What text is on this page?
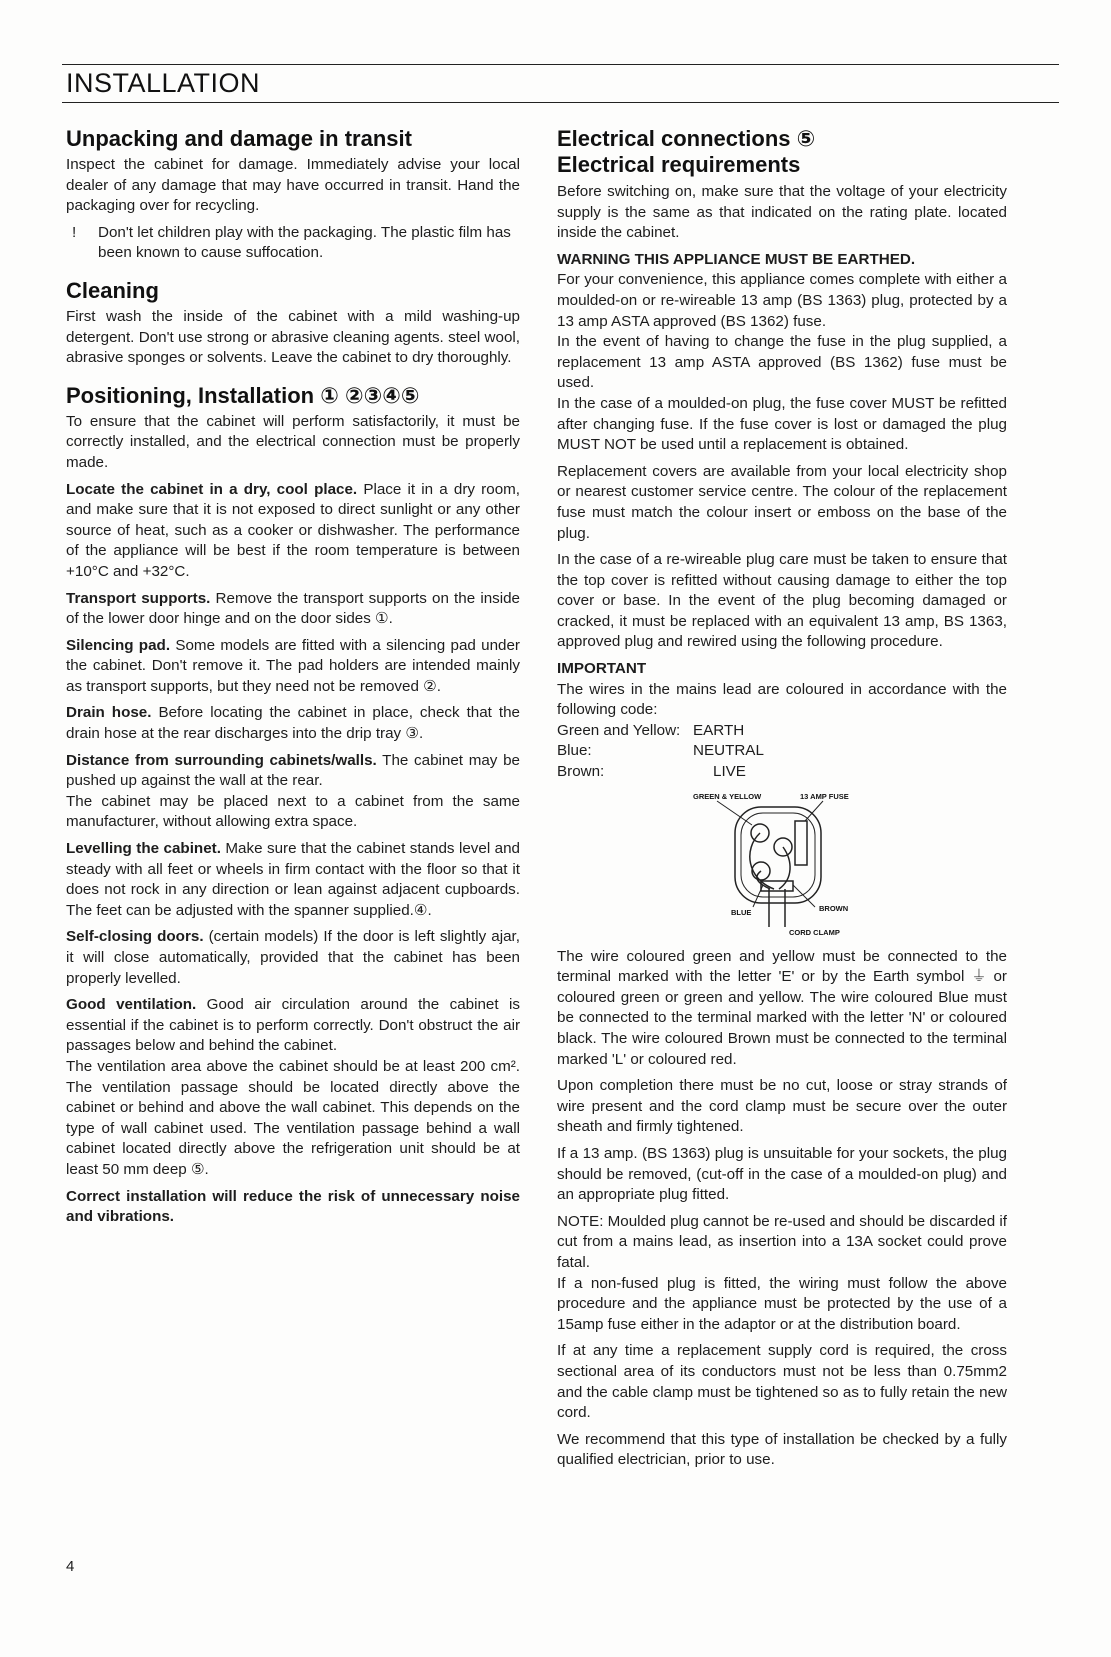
INSTALLATION
Unpacking and damage in transit

Inspect the cabinet for damage. Immediately advise your local dealer of any damage that may have occurred in transit. Hand the packaging over for recycling.

!	Don't let children play with the packaging. The plastic film has been known to cause suffocation.
Cleaning

First wash the inside of the cabinet with a mild washing-up detergent. Don't use strong or abrasive cleaning agents. steel wool, abrasive sponges or solvents. Leave the cabinet to dry thoroughly.

Positioning, Installation ① ②③④⑤

To ensure that the cabinet will perform satisfactorily, it must be correctly installed, and the electrical connection must be properly made.

Locate the cabinet in a dry, cool place. Place it in a dry room, and make sure that it is not exposed to direct sunlight or any other source of heat, such as a cooker or dishwasher. The performance of the appliance will be best if the room temperature is between +10°C and +32°C.

Transport supports. Remove the transport supports on the inside of the lower door hinge and on the door sides ①.

Silencing pad. Some models are fitted with a silencing pad under the cabinet. Don't remove it. The pad holders are intended mainly as transport supports, but they need not be removed ②.

Drain hose. Before locating the cabinet in place, check that the drain hose at the rear discharges into the drip tray ③.

Distance from surrounding cabinets/walls. The cabinet may be pushed up against the wall at the rear.

The cabinet may be placed next to a cabinet from the same manufacturer, without allowing extra space.

Levelling the cabinet. Make sure that the cabinet stands level and steady with all feet or wheels in firm contact with the floor so that it does not rock in any direction or lean against adjacent cupboards. The feet can be adjusted with the spanner supplied.④.

Self-closing doors. (certain models) If the door is left slightly ajar, it will close automatically, provided that the cabinet has been properly levelled.

Good ventilation. Good air circulation around the cabinet is essential if the cabinet is to perform correctly. Don't obstruct the air passages below and behind the cabinet.

The ventilation area above the cabinet should be at least 200 cm². The ventilation passage should be located directly above the cabinet or behind and above the wall cabinet. This depends on the type of wall cabinet used. The ventilation passage behind a wall cabinet located directly above the refrigeration unit should be at least 50 mm deep ⑤.

Correct installation will reduce the risk of unnecessary noise and vibrations.

Electrical connections ⑤
Electrical requirements

Before switching on, make sure that the voltage of your electricity supply is the same as that indicated on the rating plate. located inside the cabinet.

WARNING THIS APPLIANCE MUST BE EARTHED.

For your convenience, this appliance comes complete with either a moulded-on or re-wireable 13 amp (BS 1363) plug, protected by a 13 amp ASTA approved (BS 1362) fuse.

In the event of having to change the fuse in the plug supplied, a replacement 13 amp ASTA approved (BS 1362) fuse must be used.

In the case of a moulded-on plug, the fuse cover MUST be refitted after changing fuse. If the fuse cover is lost or damaged the plug MUST NOT be used until a replacement is obtained.

Replacement covers are available from your local electricity shop or nearest customer service centre. The colour of the replacement fuse must match the colour insert or emboss on the base of the plug.

In the case of a re-wireable plug care must be taken to ensure that the top cover is refitted without causing damage to either the top cover or base. In the event of the plug becoming damaged or cracked, it must be replaced with an equivalent 13 amp, BS 1363, approved plug and rewired using the following procedure.

IMPORTANT

The wires in the mains lead are coloured in accordance with the following code:

Green and Yellow: EARTH
Blue:	NEUTRAL
Brown:	LIVE
GREEN & YELLOW	13 AMP FUSE
BLUE	BROWN
CORD CLAMP

The wire coloured green and yellow must be connected to the terminal marked with the letter 'E' or by the Earth symbol ⏚ or coloured green or green and yellow. The wire coloured Blue must be connected to the terminal marked with the letter 'N' or coloured black. The wire coloured Brown must be connected to the terminal marked 'L' or coloured red.

Upon completion there must be no cut, loose or stray strands of wire present and the cord clamp must be secure over the outer sheath and firmly tightened.

If a 13 amp. (BS 1363) plug is unsuitable for your sockets, the plug should be removed, (cut-off in the case of a moulded-on plug) and an appropriate plug fitted.

NOTE: Moulded plug cannot be re-used and should be discarded if cut from a mains lead, as insertion into a 13A socket could prove fatal.

If a non-fused plug is fitted, the wiring must follow the above procedure and the appliance must be protected by the use of a 15amp fuse either in the adaptor or at the distribution board.

If at any time a replacement supply cord is required, the cross sectional area of its conductors must not be less than 0.75mm2 and the cable clamp must be tightened so as to fully retain the new cord.

We recommend that this type of installation be checked by a fully qualified electrician, prior to use.

4
